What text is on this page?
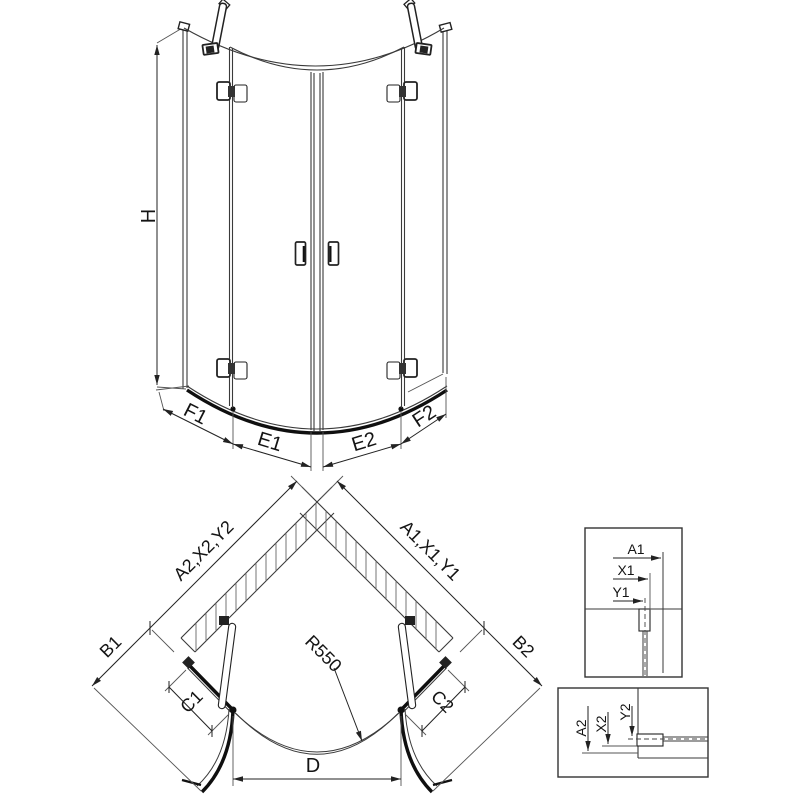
H
F1
E1	E2
F2
A2,X2,Y2
B1
A1,X1,Y1
B2
C1	C2
R550
D
A1
X1
Y1
A2 X2
Y2
